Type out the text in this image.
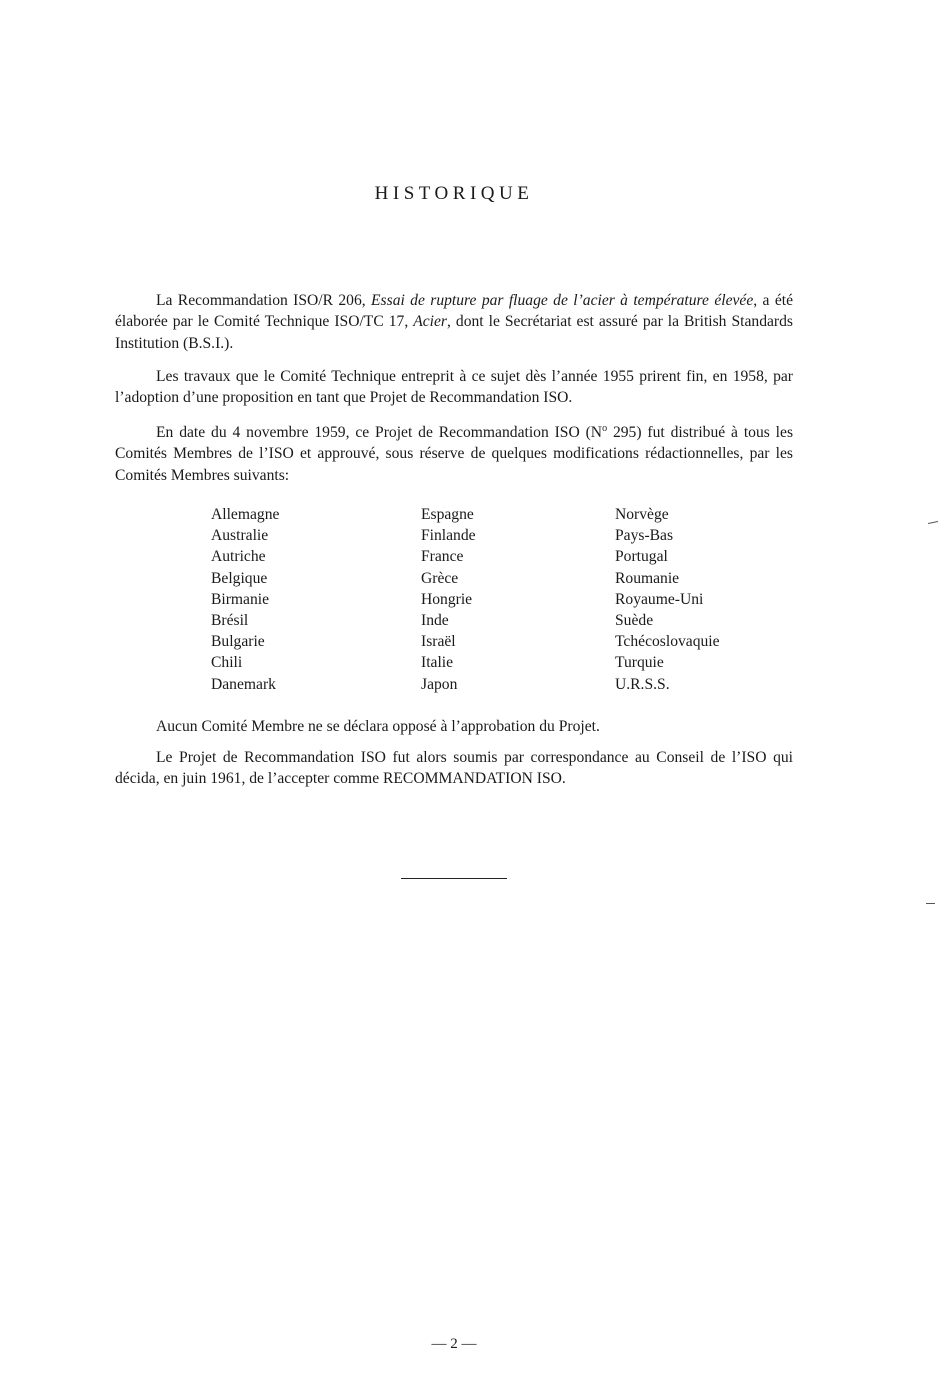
HISTORIQUE

La Recommandation ISO/R 206, Essai de rupture par fluage de l’acier à température élevée, a été élaborée par le Comité Technique ISO/TC 17, Acier, dont le Secrétariat est assuré par la British Standards Institution (B.S.I.).

Les travaux que le Comité Technique entreprit à ce sujet dès l’année 1955 prirent fin, en 1958, par l’adoption d’une proposition en tant que Projet de Recommandation ISO.

En date du 4 novembre 1959, ce Projet de Recommandation ISO ($N^o$ 295) fut distribué à tous les Comités Membres de l’ISO et approuvé, sous réserve de quelques modifications rédactionnelles, par les Comités Membres suivants:

Allemagne
Australie
Autriche
Belgique
Birmanie
Brésil
Bulgarie
Chili
Danemark
Espagne
Finlande
France
Grèce
Hongrie
Inde
Israël
Italie
Japon
Norvège
Pays-Bas
Portugal
Roumanie
Royaume-Uni
Suède
Tchécoslovaquie
Turquie
U.R.S.S.

Aucun Comité Membre ne se déclara opposé à l’approbation du Projet.

Le Projet de Recommandation ISO fut alors soumis par correspondance au Conseil de l’ISO qui décida, en juin 1961, de l’accepter comme RECOMMANDATION ISO.

— 2 —
